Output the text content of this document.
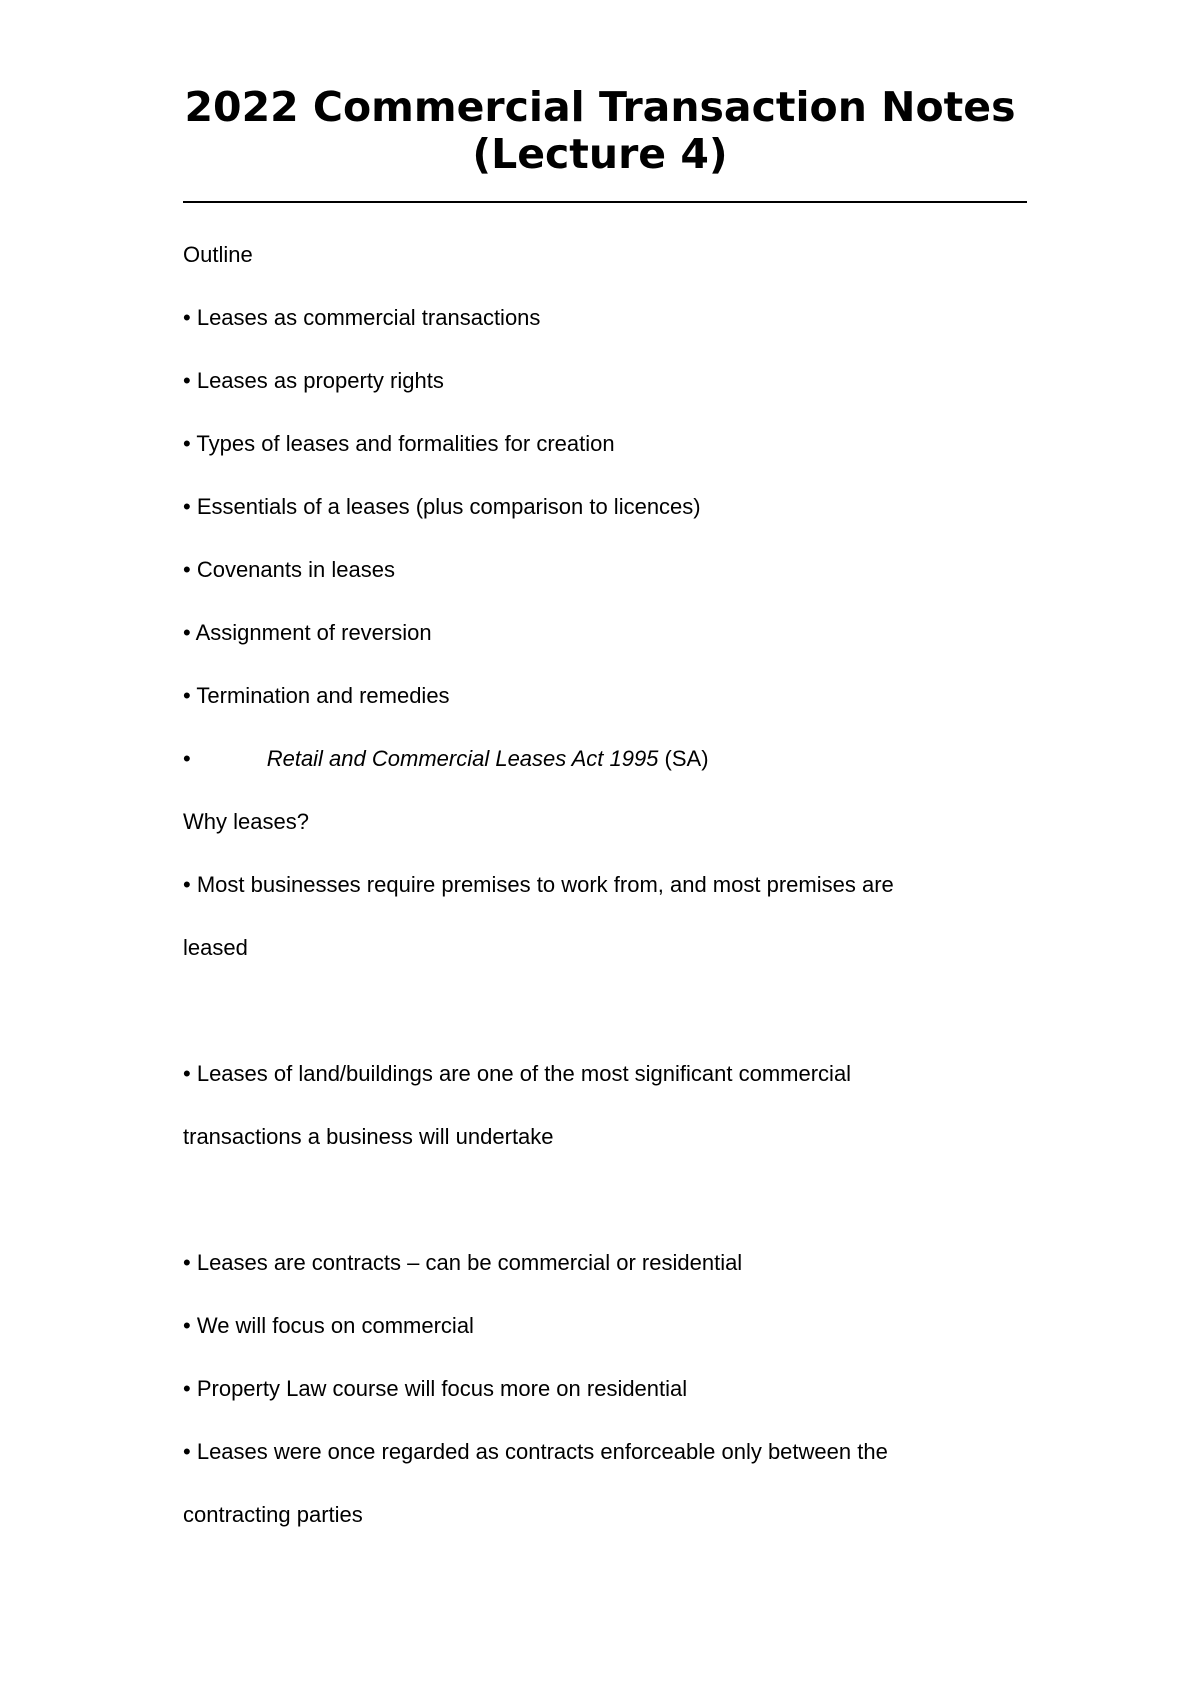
2022 Commercial Transaction Notes
(Lecture 4)

Outline

• Leases as commercial transactions

• Leases as property rights

• Types of leases and formalities for creation

• Essentials of a leases (plus comparison to licences)

• Covenants in leases

• Assignment of reversion

• Termination and remedies

•	Retail and Commercial Leases Act 1995 (SA)

Why leases?

• Most businesses require premises to work from, and most premises are

leased

• Leases of land/buildings are one of the most significant commercial

transactions a business will undertake

• Leases are contracts – can be commercial or residential

• We will focus on commercial

• Property Law course will focus more on residential

• Leases were once regarded as contracts enforceable only between the

contracting parties
